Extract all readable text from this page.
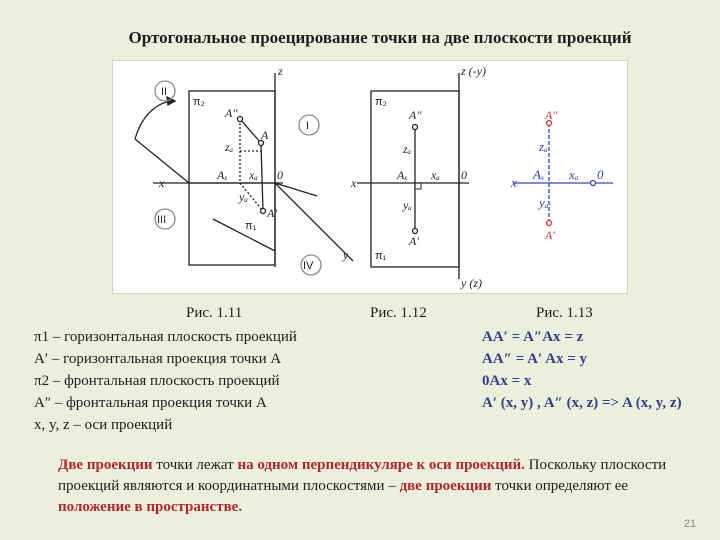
Ортогональное проецирование точки на две плоскости проекций
z
x
π₂
π₁
A''
A
A'
Aₓ
zₐ
xₐ
yₐ
0
y
II
I
III
IV
z (-y)
π₂
π₁
A''
A'
Aₓ
zₐ
xₐ
yₐ
0
x
y (z)
A''
A'
Aₓ
zₐ
xₐ
yₐ
0
x
Рис. 1.11	Рис. 1.12	Рис. 1.13
π1 – горизонтальная плоскость проекций
A′ – горизонтальная проекция точки A
π2 – фронтальная плоскость проекций
A″ – фронтальная проекция точки A
x, y, z – оси проекций
AA′ = A″Ax = z
AA″ = A′ Ax = y
0Ax = x
A′ (x, y) , A″ (x, z) => A (x, y, z)
Две проекции точки лежат на одном перпендикуляре к оси проекций. Поскольку плоскости проекций являются и координатными плоскостями – две проекции точки определяют ее положение в пространстве.
21
